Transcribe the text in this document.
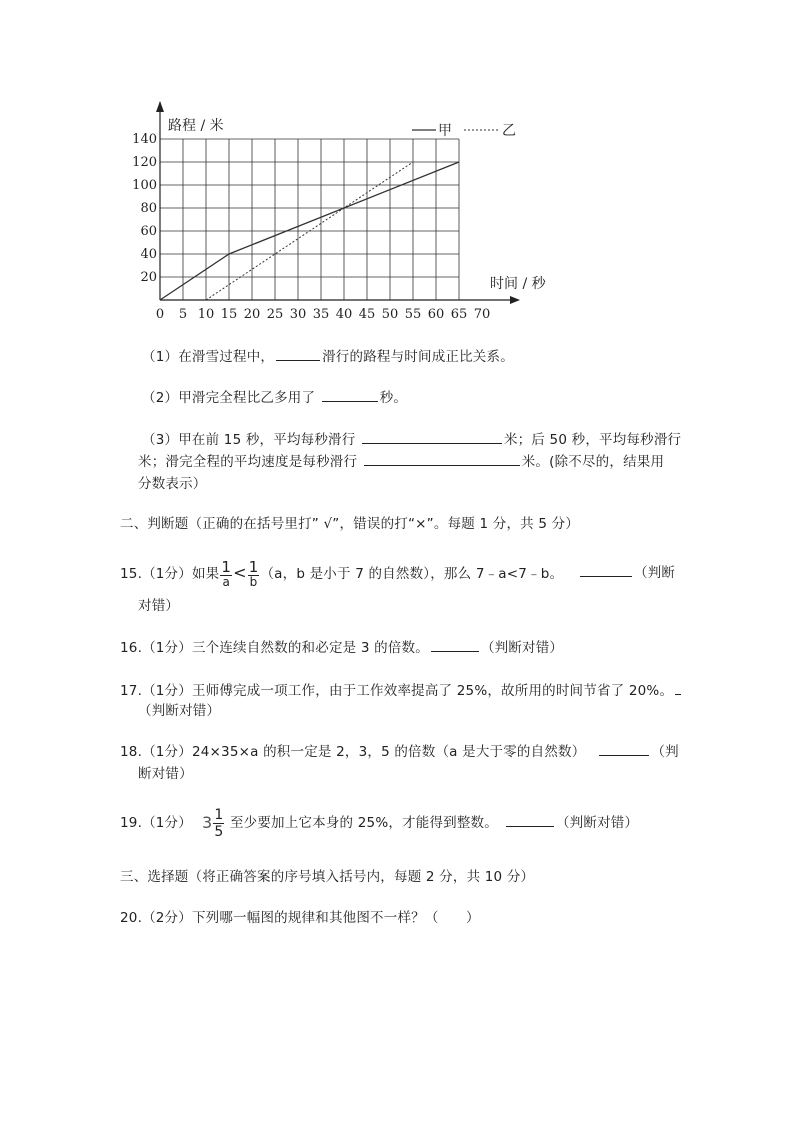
0 5 10 15 20 25 30 35 40 45 50 55 60 65 70
20
40
60
80
100
120
140
路程 / 米
时间 / 秒
甲	乙
（1）在滑雪过程中，	滑行的路程与时间成正比关系。
（2）甲滑完全程比乙多用了	秒。
（3）甲在前 15 秒，平均每秒滑行	米；后 50 秒，平均每秒滑行
米；滑完全程的平均速度是每秒滑行	米。(除不尽的，结果用
分数表示）
二、判断题（正确的在括号里打” √”，错误的打“×”。每题 1 分，共 5 分）
15.（1分）如果 $\frac{1}{a} < \frac{1}{b} (a$，b 是小于 7 的自然数），那么 7﹣a<7﹣b。	（判断
对错）
16.（1分）三个连续自然数的和必定是 3 的倍数。	（判断对错）
17.（1分）王师傅完成一项工作，由于工作效率提高了 25%，故所用的时间节省了 20%。
（判断对错）
18.（1分）24×35×a 的积一定是 2，3，5 的倍数（a 是大于零的自然数）	（判
断对错）
19.（1分） $3 \frac{1}{5}$ 至少要加上它本身的 25%，才能得到整数。	（判断对错）
三、选择题（将正确答案的序号填入括号内，每题 2 分，共 10 分）
20.（2分）下列哪一幅图的规律和其他图不一样？（　　）
